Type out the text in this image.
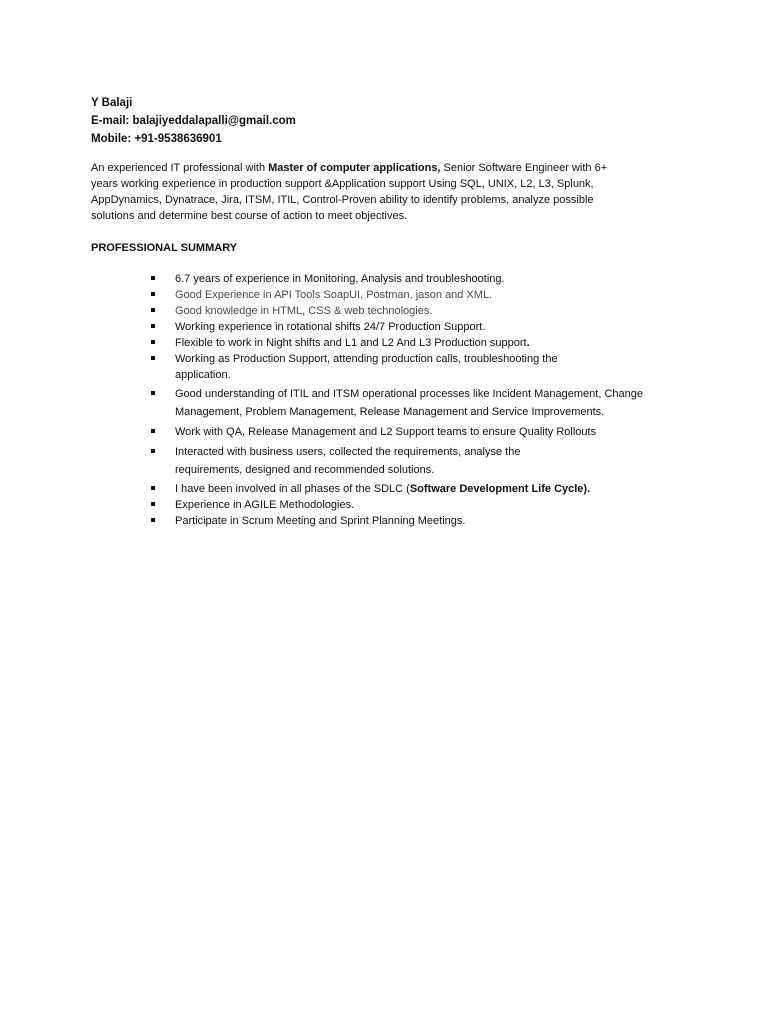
Y Balaji
E-mail: balajiyeddalapalli@gmail.com
Mobile: +91-9538636901
An experienced IT professional with Master of computer applications, Senior Software Engineer with 6+
years working experience in production support &Application support Using SQL, UNIX, L2, L3, Splunk,
AppDynamics, Dynatrace, Jira, ITSM, ITIL, Control-Proven ability to identify problems, analyze possible
solutions and determine best course of action to meet objectives.
PROFESSIONAL SUMMARY
6.7 years of experience in Monitoring, Analysis and troubleshooting.
Good Experience in API Tools SoapUI, Postman, jason and XML.
Good knowledge in HTML, CSS & web technologies.
Working experience in rotational shifts 24/7 Production Support.
Flexible to work in Night shifts and L1 and L2 And L3 Production support.
Working as Production Support, attending production calls, troubleshooting the
application.
Good understanding of ITIL and ITSM operational processes like Incident Management, Change
Management, Problem Management, Release Management and Service Improvements.
Work with QA, Release Management and L2 Support teams to ensure Quality Rollouts
Interacted with business users, collected the requirements, analyse the
requirements, designed and recommended solutions.
I have been involved in all phases of the SDLC (Software Development Life Cycle).
Experience in AGILE Methodologies.
Participate in Scrum Meeting and Sprint Planning Meetings.
